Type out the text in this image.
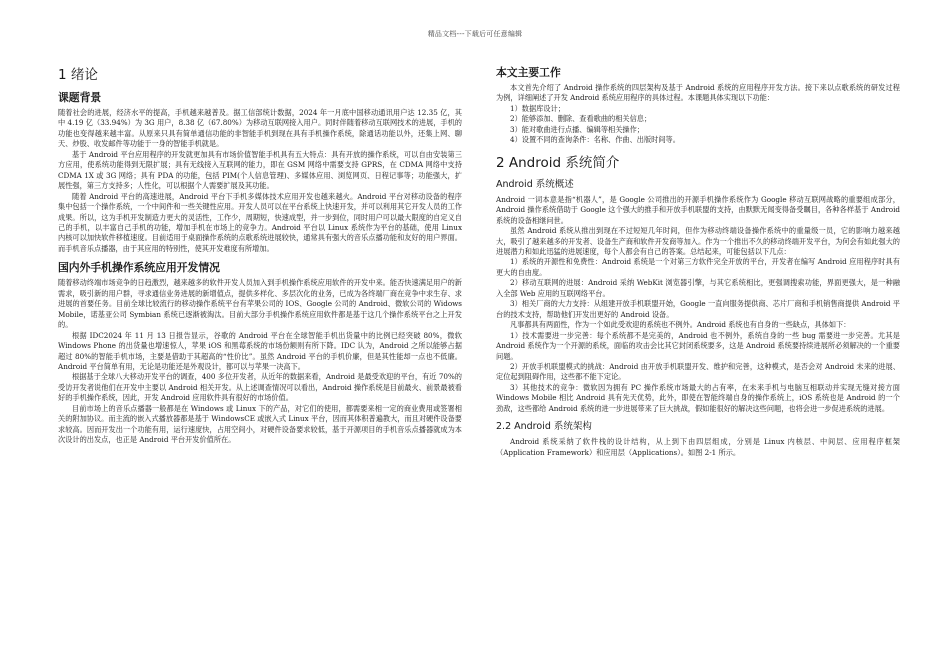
精品文档---下载后可任意编辑
1 绪论
课题背景

随着社会的进展，经济水平的提高，手机越来越普及。据工信部统计数据，2024 年一月底中国移动通讯用户达 12.35 亿，其中 4.19 亿（33.94%）为 3G 用户，8.38 亿（67.80%）为移动互联网接入用户。同时伴随着移动互联网技术的进展，手机的功能也变得越来越丰富。从原来只具有简单通信功能的非智能手机到现在具有手机操作系统，除通话功能以外，还集上网、聊天、炒股、收发邮件等功能于一身的智能手机就是。

基于 Android 平台应用程序的开发就更加具有市场价值智能手机具有五大特点：具有开放的操作系统，可以自由安装第三方应用，使系统功能得到无限扩展；具有无线接入互联网的能力，即在 GSM 网络中需要支持 GPRS，在 CDMA 网络中支持 CDMA 1X 或 3G 网络；具有 PDA 的功能，包括 PIM(个人信息管理)、多媒体应用、浏览网页、日程记事等；功能强大，扩展性强，第三方支持多；人性化，可以根据个人需要扩展及其功能。

随着 Android 平台的高速进展，Android 平台下手机多媒体技术应用开发也越来越火。Android 平台对移动设备的程序集中包括一个操作系统，一个中间件和一些关键性应用。开发人员可以在平台系统上快速开发，并可以利用其它开发人员的工作成果。所以，这为手机开发制造力更大的灵活性，工作少，周期短，快速成型，并一步到位，同时用户可以最大限度的自定义自己的手机，以丰富自己手机的功能，增加手机在市场上的竞争力。Android 平台以 Linux 系统作为平台的基础，使用 Linux 内核可以加快软件移植速度。目前适用于桌面操作系统的点歌系统进展较快，通常具有强大的音乐点播功能和友好的用户界面。而手机音乐点播器，由于其应用的特别性，使其开发难度有所增加。

国内外手机操作系统应用开发情况

随着移动终端市场竞争的日趋激烈，越来越多的软件开发人员加入到手机操作系统应用软件的开发中来。能否快速满足用户的新需求，吸引新的用户群，寻求通信业务进展的新增值点，提供多样化、多层次化的业务，已成为各终端厂商在竞争中求生存、求进展的首要任务。目前全球比较流行的移动操作系统平台有苹果公司的 IOS、Google 公司的 Android、微软公司的 Widows Mobile，诺基亚公司 Symbian 系统已逐渐被淘汰。目前大部分手机操作系统应用软件都是基于这几个操作系统平台之上开发的。

根据 IDC2024 年 11 月 13 日报告显示，谷歌的 Android 平台在全球智能手机出货量中的比例已经突破 80%，微软 Windows Phone 的出货量也增速惊人，苹果 iOS 和黑莓系统的市场份额则有所下降。IDC 认为，Android 之所以能够占据超过 80%的智能手机市场，主要是借助于其超高的“性价比”。虽然 Android 平台的手机价廉，但是其性能却一点也不低廉。Android 平台简单有用，无论是功能还是外观设计，都可以与苹果一决高下。

根据基于全球八大移动开发平台的调查，400 多位开发者，从近年的数据来看，Android 是最受欢迎的平台，有近 70%的受访开发者说他们在开发中主要以 Android 相关开发。从上述调查情况可以看出，Android 操作系统是目前最火、前景最被看好的手机操作系统，因此，开发 Android 应用软件具有很好的市场价值。

目前市场上的音乐点播器一般都是在 Windows 或 Linux 下的产品，对它们的使用，都需要来相一定的商业费用或签署相关的附加协议。而主流的嵌入式播放器都是基于 WindowsCE 或嵌入式 Linux 平台，因而其体积普遍教大，而且对硬件设备要求较高。因而开发出一个功能有用，运行速度快，占用空间小，对硬件设备要求较低，基于开源项目的手机音乐点播器就成为本次设计的出发点，也正是 Android 平台开发价值所在。

本文主要工作

本文首先介绍了 Android 操作系统的四层架构及基于 Android 系统的应用程序开发方法。接下来以点歌系统的研发过程为例，详细阐述了开发 Android 系统应用程序的具体过程。本课题具体实现以下功能：

1）数据库设计；

2）能够添加、删除、查看歌曲的相关信息；

3）能对歌曲进行点播、编辑等相关操作；

4）设置不同的查询条件：名称、作曲、出版时间等。

2 Android 系统简介
Android 系统概述

Android 一词本意是指“机器人”，是 Google 公司推出的开源手机操作系统作为 Google 移动互联网战略的重要组成部分，Android 操作系统借助于 Google 这个强大的推手和开放手机联盟的支持，由默默无闻变得备受瞩目，各种各样基于 Android 系统的设备相继问世。

虽然 Android 系统从推出到现在不过短短几年时间，但作为移动终端设备操作系统中的重量级一员，它的影响力越来越大，吸引了越来越多的开发者、设备生产商和软件开发商等加入。作为一个推出不久的移动终端开发平台，为何会有如此强大的进展潜力和如此迅猛的进展速度，每个人都会有自己的答案。总结起来，可能包括以下几点：

1）系统的开源性和免费性：Android 系统是一个对第三方软件完全开放的平台，开发者在编写 Android 应用程序时具有更大的自由度。

2）移动互联网的进展：Android 采纳 WebKit 浏览器引擎，与其它系统相比，更强调搜索功能，界面更强大，是一种融入全部 Web 应用的互联网络平台。

3）相关厂商的大力支持：从组建开放手机联盟开始，Google 一直向服务提供商、芯片厂商和手机销售商提供 Android 平台的技术支持，帮助他们开发出更好的 Android 设备。

凡事都具有两面性，作为一个如此受欢迎的系统也不例外。Android 系统也有自身的一些缺点，具体如下：

1）技术需要进一步完善：每个系统都不是完美的，Android 也不例外，系统自身的一些 bug 需要进一步完善。尤其是 Android 系统作为一个开源的系统，面临的攻击会比其它封闭系统要多，这是 Android 系统要持续进展所必须解决的一个重要问题。

2）开放手机联盟模式的挑战：Android 由开放手机联盟开发、维护和完善，这种模式，是否会对 Android 未来的进展、定位起到阻碍作用，这些都不能下定论。

3）其他技术的竞争：微软因为拥有 PC 操作系统市场最大的占有率，在未来手机与电脑互相联动并实现无缝对接方面 Windows Mobile 相比 Android 具有先天优势，此外，即使在智能终端自身的操作系统上，iOS 系统也是 Android 的一个劲敌，这些都给 Android 系统的进一步进展带来了巨大挑战，假如能很好的解决这些问题，也将会进一步促进系统的进展。

2.2 Android 系统架构

Android 系统采纳了软件栈的设计结构，从上到下由四层组成，分别是 Linux 内核层、中间层、应用程序框架（Application Framework）和应用层（Applications）。如图 2-1 所示。
